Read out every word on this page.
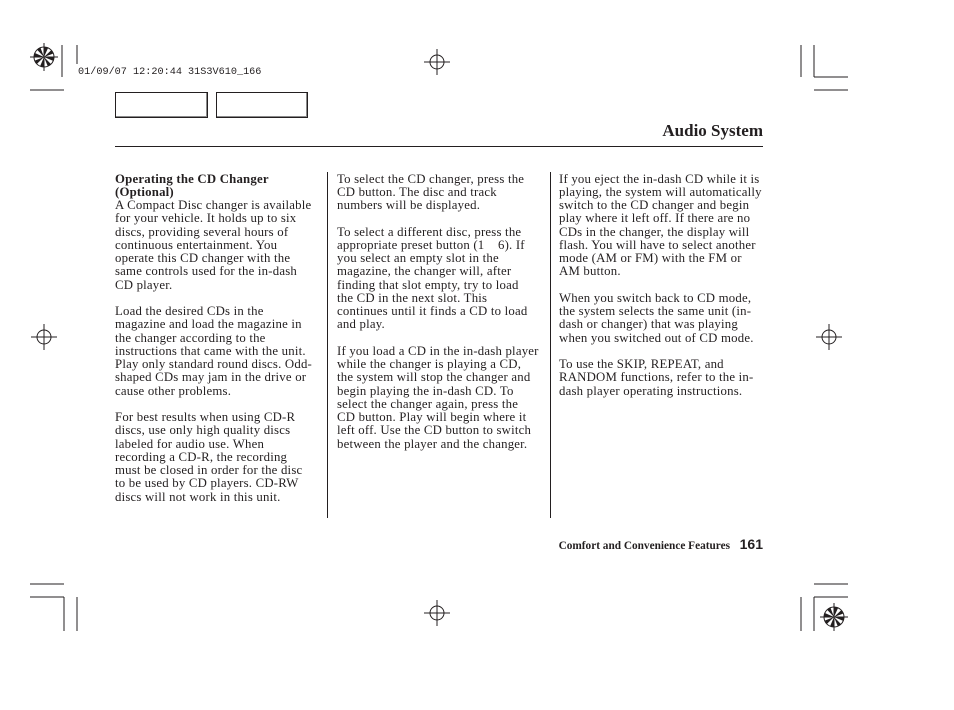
01/09/07 12:20:44 31S3V610_166
Audio System
Operating the CD Changer
(Optional)
A Compact Disc changer is available
for your vehicle. It holds up to six
discs, providing several hours of
continuous entertainment. You
operate this CD changer with the
same controls used for the in-dash
CD player.
Load the desired CDs in the
magazine and load the magazine in
the changer according to the
instructions that came with the unit.
Play only standard round discs. Odd-
shaped CDs may jam in the drive or
cause other problems.
For best results when using CD-R
discs, use only high quality discs
labeled for audio use. When
recording a CD-R, the recording
must be closed in order for the disc
to be used by CD players. CD-RW
discs will not work in this unit.
To select the CD changer, press the
CD button. The disc and track
numbers will be displayed.
To select a different disc, press the
appropriate preset button (1    6). If
you select an empty slot in the
magazine, the changer will, after
finding that slot empty, try to load
the CD in the next slot. This
continues until it finds a CD to load
and play.
If you load a CD in the in-dash player
while the changer is playing a CD,
the system will stop the changer and
begin playing the in-dash CD. To
select the changer again, press the
CD button. Play will begin where it
left off. Use the CD button to switch
between the player and the changer.
If you eject the in-dash CD while it is
playing, the system will automatically
switch to the CD changer and begin
play where it left off. If there are no
CDs in the changer, the display will
flash. You will have to select another
mode (AM or FM) with the FM or
AM button.
When you switch back to CD mode,
the system selects the same unit (in-
dash or changer) that was playing
when you switched out of CD mode.
To use the SKIP, REPEAT, and
RANDOM functions, refer to the in-
dash player operating instructions.
Comfort and Convenience Features 161
